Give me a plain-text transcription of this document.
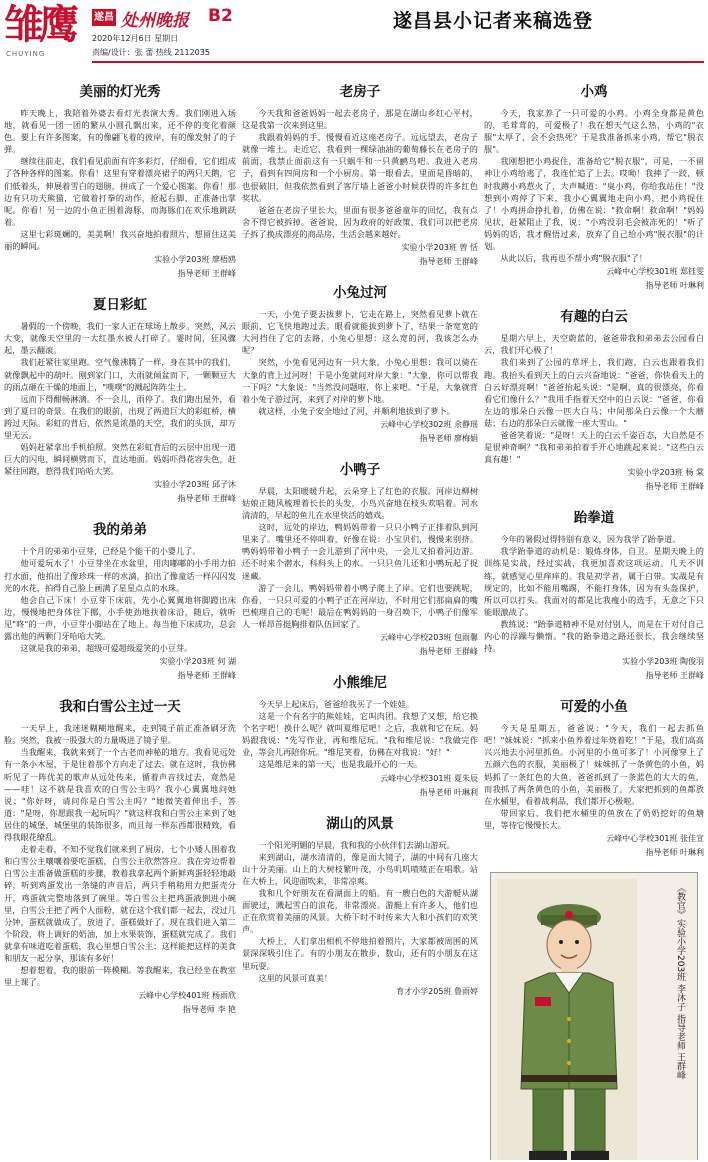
雏鹰
CHUYING
遂昌 处州晚报 B2
2020年12月6日 星期日
责编/设计：张 蕾 热线 2112035
遂昌县小记者来稿选登
美丽的灯光秀

昨天晚上，我陪着外婆去看灯光表演大秀。我们刚进入场地，就看见一团一团的繁从小圆孔飘出来，还不停的变化着颜色。要上有许多图案，有的像翩飞着的彼岸，有的像发射了的子弹。

继续往前走，我们看见前面有许多彩灯，仔细看，它们组成了各种各样的图案。你看！这里有穿着漂亮裙子的两只天鹅，它们低着头，伸展着雪白的翅膀，拼成了一个爱心图案。你看！那边有只功夫熊猫，它做着打拳的动作，抢起右脚，正准备出掌呢。你看！另一边的小鱼正围着海豚，而海豚们在欢乐地跳跃着。

这里七彩斑斓的，美美啊！我兴奋地拍着照片，想留住这美丽的瞬间。

实验小学203班 廖梧鸥
指导老师 王群峰
夏日彩虹

暑假的一个傍晚，我们一家人正在球场上散步。突然，风云大变，就像天空里的一大红墨水被人打碎了。霎时间，狂风骤起，墨云翻滚。

我们赶紧往家里跑。空气像沸腾了一样，身在其中的我们，就像飘起中的葫叶。刚到家门口，大雨就倾盆而下，一颗颗豆大的雨点砸在干燥的地面上，"噗噗"的溅起阵阵尘土。

远而下得酣畅淋漓。不一会儿，雨停了。我们跑出屋外，看到了夏日的奇景。在我们的眼前，出现了两道巨大的彩虹桥，横跨过天际。彩虹的背后，依然是浓墨的天空，我们的头顶，却万里无云。

妈妈赶紧拿出手机拍照。突然在彩虹背后的云层中出现一道巨大的闪电，瞬间横劈而下，直达地面。妈妈吓得花容失色，赶紧往回跑，惹得我们哈哈大笑。

实验小学203班 邱子沐
指导老师 王群峰
我的弟弟

十个月的弟弟小豆芽，已经是个能干的小婴儿了。

他可爱玩水了！小豆芽坐在水盆里，用肉嘟嘟的小手用力拍打水面，他拍出了像珍珠一样的水滴，拍出了像童话一样闪闪发光的水花，拍得自己脸上画满了星星点点的水珠。

他会自己下床！小豆芽下床前，先小心翼翼地将脚蹬出床边，慢慢地把身体往下挪，小手使劲地扶着床沿，随后，就听见"咚"的一声，小豆芽小脚站在了地上。每当他下床成功，总会露出他的两颗门牙哈哈大笑。

这就是我的弟弟，超级可爱超级爱笑的小豆芽。

实验小学203班 何 湖
指导老师 王群峰
我和白雪公主过一天

一天早上，我迷迷糊糊地醒来，走到镜子前正准备刷牙洗脸。突然，我被一股强大的力量吸进了镜子里。

当我醒来，我就来到了一个古老而神秘的地方。我看见远处有一条小木屋，于是往着那个方向走了过去。就在这时，我仿佛听见了一阵优美的歌声从远处传来，循着声音找过去，竟然是——哇！这不就是我喜欢的白雪公主吗？我小心翼翼地问她说："你好呀，请问你是白雪公主吗？"她微笑着伸出手，答道："是呀，你愿跟我一起玩吗？"就这样我和白雪公主来到了她居住的城堡，城堡里的装饰很多，而且每一样东西都很精致，看得我眼花缭乱。

走着走着，不知不觉我们就来到了厨房，七个小矮人围着我和白雪公主嚷嚷着要吃蛋糕，白雪公主欣然答应。我在旁边帮着白雪公主准备做蛋糕的步骤，教着我拿起两个新鲜鸡蛋轻轻地敲碎，听到鸡蛋发出一条缝的声音后，两只手稍稍用力把蛋壳分开，鸡蛋就完整地落到了碗里。等白雪公主把鸡蛋液倒进小碗里，白雪公主把了两个人面粉，就在这个我们都一起去，没过几分钟，蛋糕就做成了，放进了，蛋糕做好了。现在我们进入第二个阶段，将上调好的奶油，加上水果装饰，蛋糕就完成了。我们就拿有味道吃着蛋糕，我心里想白雪公主：这样能把这样的美食和朋友一起分享，那该有多好！

想着想着，我的眼前一阵模糊。等我醒来，我已经坐在教室里上课了。

云峰中心学校401班 杨雨欣
指导老师 李 艳
老房子

今天我和爸爸妈妈一起去老房子，那是在湖山乡红心平村，这是我第一次来到这里。

我跟着妈妈的手，慢慢看近这座老房子。远远望去，老房子就像一堆土。走近它，我看到一棵绿油油的葡萄藤长在老房子的前面，我禁止面前这有一只蜗牛和一只黄鹂鸟吧。我进入老房子，看到有四间房和一个小厨房。第一眼看去，里面是昏暗的，也很破旧，但我依然看到了客厅墙上爸爸小时候获得的许多红色奖状。

爸爸在老房子里长大，里面有很多爸爸童年的回忆，我有点舍不得它被拆掉。爸爸说，因为政府的好政策，我们可以把老房子拆了换成漂亮的商品房，生活会越来越好。

实验小学203班 曾 恬
指导老师 王群峰
小兔过河

一天，小兔子要去拔萝卜，它走在路上，突然看见萝卜就在眼前，它飞快地跑过去。眼看就能拔到萝卜了，结果一条宽宽的大河挡住了它的去路，小兔心里想：这么宽的河，我该怎么办呢？

突然，小兔看见河边有一只大象，小兔心里想：我可以骑在大象的背上过河呀！于是小兔就问对岸大象："大象，你可以帮我一下吗？"大象说："当然没问题啦，你上来吧。"于是，大象就背着小兔子游过河，来到了对岸的萝卜地。

就这样，小兔子安全地过了河，并顺利地拔到了萝卜。

云峰中心学校302班 余静瑶
指导老师 廖梅娟
小鸭子

早晨，太阳暖暖升起，云朵穿上了红色的衣服。河岸边柳树姑娘正随风梳理着长长的头发，小鸟兴奋地在枝头欢唱着。河水清清的，早起的鱼儿在水里快活的嬉戏。

这时，远处的岸边，鸭妈妈带着一只只小鸭子正排着队到河里来了。嘴里还不停叫着，好像在说：小宝贝们，慢慢来别挤。鸭妈妈带着小鸭子一会儿游到了河中央，一会儿又拍着河边游。还不时来个潜水，科科头上的水。一只只鱼儿还和小鸭玩起了捉迷藏。

游了一会儿，鸭妈妈带着小鸭子爬上了岸。它们也要跳呢，你看，一只只可爱的小鸭子正在河岸边，不时用它们那扁扁的嘴巴梳理自己的毛呢！最后在鸭妈妈的一身召唤下，小鸭子们像军人一样昂首挺胸排着队伍回家了。

云峰中心学校203班 包雨馨
指导老师 王群峰
小熊维尼

今天早上起床后，爸爸给我买了一个娃娃。

这是一个有名字的熊娃娃，它叫肉团。我想了又想，给它换个名字吧！换什么呢？就叫夏维尼吧！之后，我就和它在玩。妈妈跟我说："先写作业，再和维尼玩。"我和维尼说："我做完作业，等会儿再陪你玩。"维尼笑着，仿佛在对我说："好！"

这是维尼来的第一天，也是我最开心的一天。

云峰中心学校301班 夏朱辰
指导老师 叶琳利
湖山的风景

一个阳光明媚的早晨，我和我的小伙伴们去湖山游玩。

来到湖山，湖水清清的，像是面大镜子，湖的中间有几座大山十分美丽。山上的大树枝繁叶茂，小鸟叽叽喳喳正在唱歌。站在大桥上，风迎面吹来，非常凉爽。

我和几个好朋友在看湖面上的船。有一艘白色的大游艇从湖面驶过，溅起雪白的浪花，非常漂亮。游艇上有许多人，他们也正在欣赏着美丽的风景。大桥下时不时传来大人和小孩们的欢笑声。

大桥上，人们拿出相机不停地拍着照片，大家都被周围的风景深深吸引住了。有的小朋友在散步，数山，还有的小朋友在这里玩耍。

这里的风景可真美！

育才小学205班 鲁雨婷
小鸡

今天，我家养了一只可爱的小鸡。小鸡全身都是黄色的，毛茸茸的，可爱极了！我在想天气这么热，小鸡的"衣服"太厚了，会不会热死？于是我准备抓来小鸡，帮它"脱衣服"。

我刚想把小鸡捉住，准备给它"脱衣服"，可是，一不留神让小鸡给逃了，我连忙追了上去。哎呦！我摔了一跤，顿时我蹲小鸡惹火了，大声喊道："臭小鸡，你给我站住！"没想到小鸡停了下来，我小心翼翼地走向小鸡，把小鸡捉住了！小鸡拼命挣扎着，仿佛在说："救命啊！救命啊！"妈妈见状，赶紧阻止了我，说："小鸡没羽毛会被冻死的！"听了妈妈的话，我才醒悟过来，放弃了自己给小鸡"脱衣服"的计划。

从此以后，我再也不帮小鸡"脱衣服"了！

云峰中心学校301班 郑钰雯
指导老师 叶琳利
有趣的白云

星期六早上，天空蔚蓝的，爸爸带我和弟弟去公园看白云，我们开心极了！

我们来到了公园的草坪上，我们跑，白云也跟着我们跑。我抬头看到天上的白云兴奋地说："爸爸，你快看天上的白云好漂亮啊！"爸爸抬起头说："是啊，真的很漂亮，你看看它们像什么？"我用手指着天空中的白云说："爸爸，你看左边的那朵白云像一匹大白马；中间那朵白云像一个大蘑菇；右边的那朵白云就像一座大雪山。"

爸爸笑着说："是呀！天上的白云千姿百态，大自然是不是很神奇啊？"我和弟弟拍着手开心地跳起来说："这些白云真有趣！"

实验小学203班 杨 棠
指导老师 王群峰
跆拳道

今年的暑假过得特别有意义，因为我学了跆拳道。

我学跆拳道的动机是：锻炼身体，自卫。星期天晚上的训练是实战，经过实战，我更加喜欢这项运动。几天不训练，就感觉心里痒痒的。我是初学者，属于白带。实战是有规定的，比如不能用嘴踢，不能打身体，因为有头盔保护，所以可以打头。我面对的都是比我瘦小的选手，无意之下只能眼激战了。

教练说："跆拳道精神不是对付别人，而是在于对付自己内心的浮躁与懒惰。"我的跆拳道之路还很长，我会继续坚持。

实验小学203班 陶俊羽
指导老师 王群峰
可爱的小鱼

今天是星期五，爸爸说："今天，我们一起去抓鱼吧！"妹妹说："抓来小鱼养着过年烧着吃！"于是，我们高高兴兴地去小河里抓鱼。小河里的小鱼可多了！小河像穿上了五颜六色的衣服，美丽极了！妹妹抓了一条黄色的小鱼，妈妈抓了一条红色的大鱼，爸爸抓到了一条蓝色的大大的鱼，而我抓了两条黄色的小鱼，美丽极了。大家把抓到的鱼都放在水桶里，看着战利品，我们都开心极啦。

带回家后，我们把水桶里的鱼放在了奶奶挖好的鱼塘里，等待它慢慢长大。

云峰中心学校301班 张佳宣
指导老师 叶琳利
《教官》实验小学203班 李沐子 指导老师 王群峰
